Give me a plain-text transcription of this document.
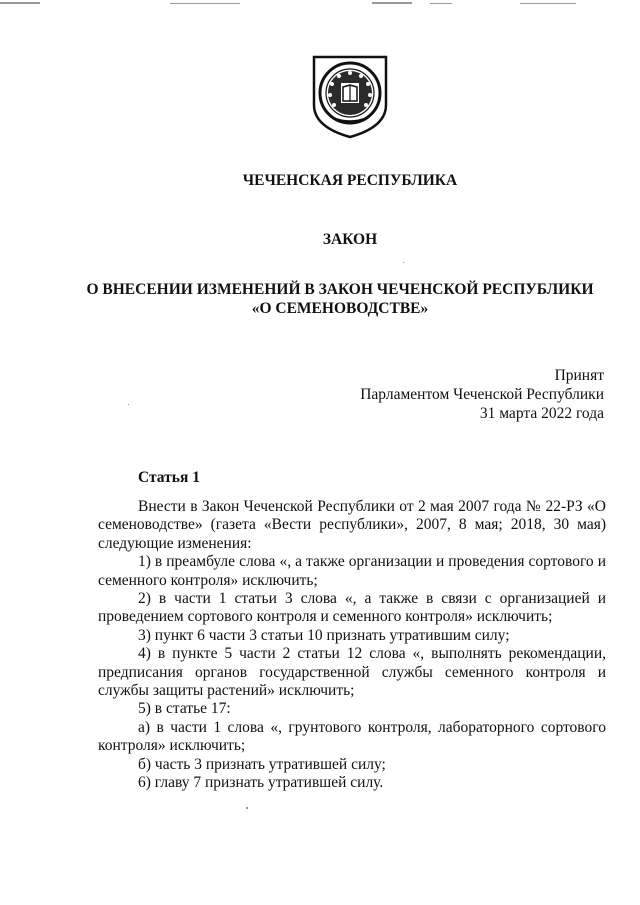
ЧЕЧЕНСКАЯ РЕСПУБЛИКА
ЗАКОН
О ВНЕСЕНИИ ИЗМЕНЕНИЙ В ЗАКОН ЧЕЧЕНСКОЙ РЕСПУБЛИКИ
«О СЕМЕНОВОДСТВЕ»
Принят
Парламентом Чеченской Республики
31 марта 2022 года
Статья 1

Внести в Закон Чеченской Республики от 2 мая 2007 года № 22-РЗ «О семеноводстве» (газета «Вести республики», 2007, 8 мая; 2018, 30 мая) следующие изменения:

1) в преамбуле слова «, а также организации и проведения сортового и семенного контроля» исключить;

2) в части 1 статьи 3 слова «, а также в связи с организацией и проведением сортового контроля и семенного контроля» исключить;

3) пункт 6 части 3 статьи 10 признать утратившим силу;

4) в пункте 5 части 2 статьи 12 слова «, выполнять рекомендации, предписания органов государственной службы семенного контроля и службы защиты растений» исключить;

5) в статье 17:

а) в части 1 слова «, грунтового контроля, лабораторного сортового контроля» исключить;

б) часть 3 признать утратившей силу;

6) главу 7 признать утратившей силу.
